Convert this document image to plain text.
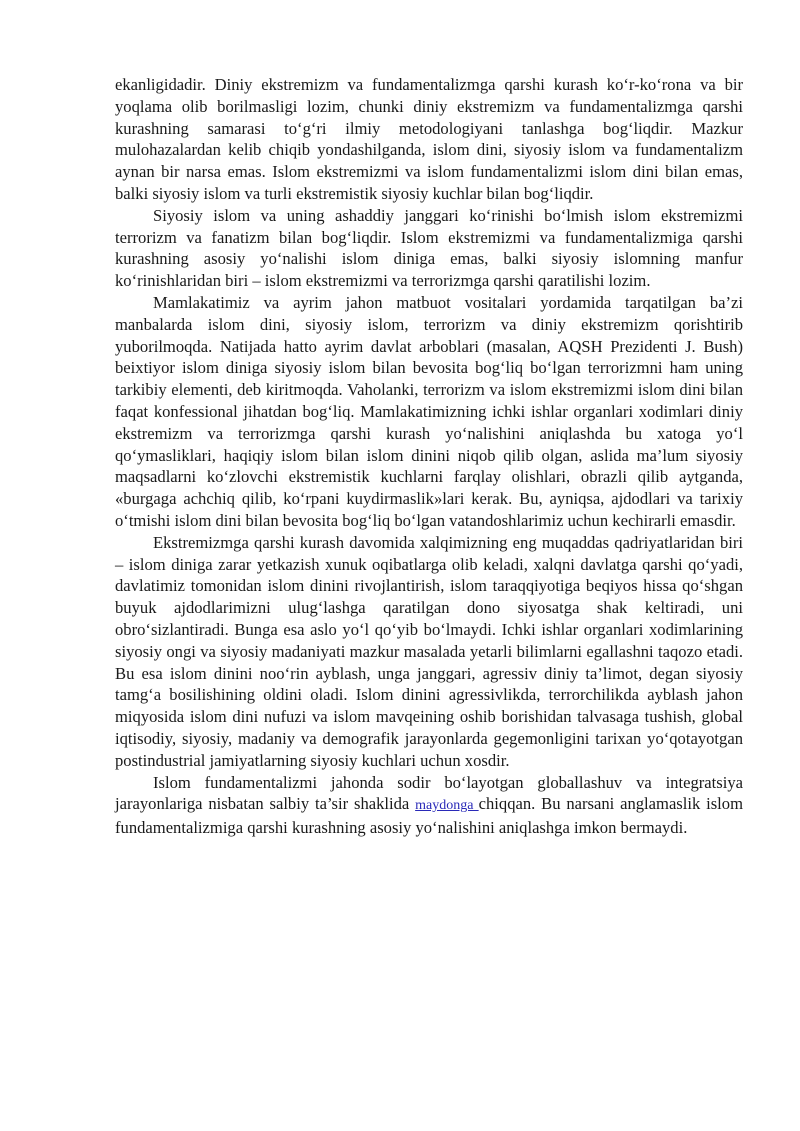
ekanligidadir. Diniy ekstremizm va fundamentalizmga qarshi kurash ko‘r-ko‘rona va bir yoqlama olib borilmasligi lozim, chunki diniy ekstremizm va fundamentalizmga qarshi kurashning samarasi to‘g‘ri ilmiy metodologiyani tanlashga bog‘liqdir. Mazkur mulohazalardan kelib chiqib yondashilganda, islom dini, siyosiy islom va fundamentalizm aynan bir narsa emas. Islom ekstremizmi va islom fundamentalizmi islom dini bilan emas, balki siyosiy islom va turli ekstremistik siyosiy kuchlar bilan bog‘liqdir.

Siyosiy islom va uning ashaddiy janggari ko‘rinishi bo‘lmish islom ekstremizmi terrorizm va fanatizm bilan bog‘liqdir. Islom ekstremizmi va fundamentalizmiga qarshi kurashning asosiy yo‘nalishi islom diniga emas, balki siyosiy islomning manfur ko‘rinishlaridan biri – islom ekstremizmi va terrorizmga qarshi qaratilishi lozim.

Mamlakatimiz va ayrim jahon matbuot vositalari yordamida tarqatilgan ba’zi manbalarda islom dini, siyosiy islom, terrorizm va diniy ekstremizm qorishtirib yuborilmoqda. Natijada hatto ayrim davlat arboblari (masalan, AQSH Prezidenti J. Bush) beixtiyor islom diniga siyosiy islom bilan bevosita bog‘liq bo‘lgan terrorizmni ham uning tarkibiy elementi, deb kiritmoqda. Vaholanki, terrorizm va islom ekstremizmi islom dini bilan faqat konfessional jihatdan bog‘liq. Mamlakatimizning ichki ishlar organlari xodimlari diniy ekstremizm va terrorizmga qarshi kurash yo‘nalishini aniqlashda bu xatoga yo‘l qo‘ymasliklari, haqiqiy islom bilan islom dinini niqob qilib olgan, aslida ma’lum siyosiy maqsadlarni ko‘zlovchi ekstremistik kuchlarni farqlay olishlari, obrazli qilib aytganda, «burgaga achchiq qilib, ko‘rpani kuydirmaslik»lari kerak. Bu, ayniqsa, ajdodlari va tarixiy o‘tmishi islom dini bilan bevosita bog‘liq bo‘lgan vatandoshlarimiz uchun kechirarli emasdir.

Ekstremizmga qarshi kurash davomida xalqimizning eng muqaddas qadriyatlaridan biri – islom diniga zarar yetkazish xunuk oqibatlarga olib keladi, xalqni davlatga qarshi qo‘yadi, davlatimiz tomonidan islom dinini rivojlantirish, islom taraqqiyotiga beqiyos hissa qo‘shgan buyuk ajdodlarimizni ulug‘lashga qaratilgan dono siyosatga shak keltiradi, uni obro‘sizlantiradi. Bunga esa aslo yo‘l qo‘yib bo‘lmaydi. Ichki ishlar organlari xodimlarining siyosiy ongi va siyosiy madaniyati mazkur masalada yetarli bilimlarni egallashni taqozo etadi. Bu esa islom dinini noo‘rin ayblash, unga janggari, agressiv diniy ta’limot, degan siyosiy tamg‘a bosilishining oldini oladi. Islom dinini agressivlikda, terrorchilikda ayblash jahon miqyosida islom dini nufuzi va islom mavqeining oshib borishidan talvasaga tushish, global iqtisodiy, siyosiy, madaniy va demografik jarayonlarda gegemonligini tarixan yo‘qotayotgan postindustrial jamiyatlarning siyosiy kuchlari uchun xosdir.

Islom fundamentalizmi jahonda sodir bo‘layotgan globallashuv va integratsiya jarayonlariga nisbatan salbiy ta’sir shaklida maydonga chiqqan. Bu narsani anglamaslik islom fundamentalizmiga qarshi kurashning asosiy yo‘nalishini aniqlashga imkon bermaydi.
